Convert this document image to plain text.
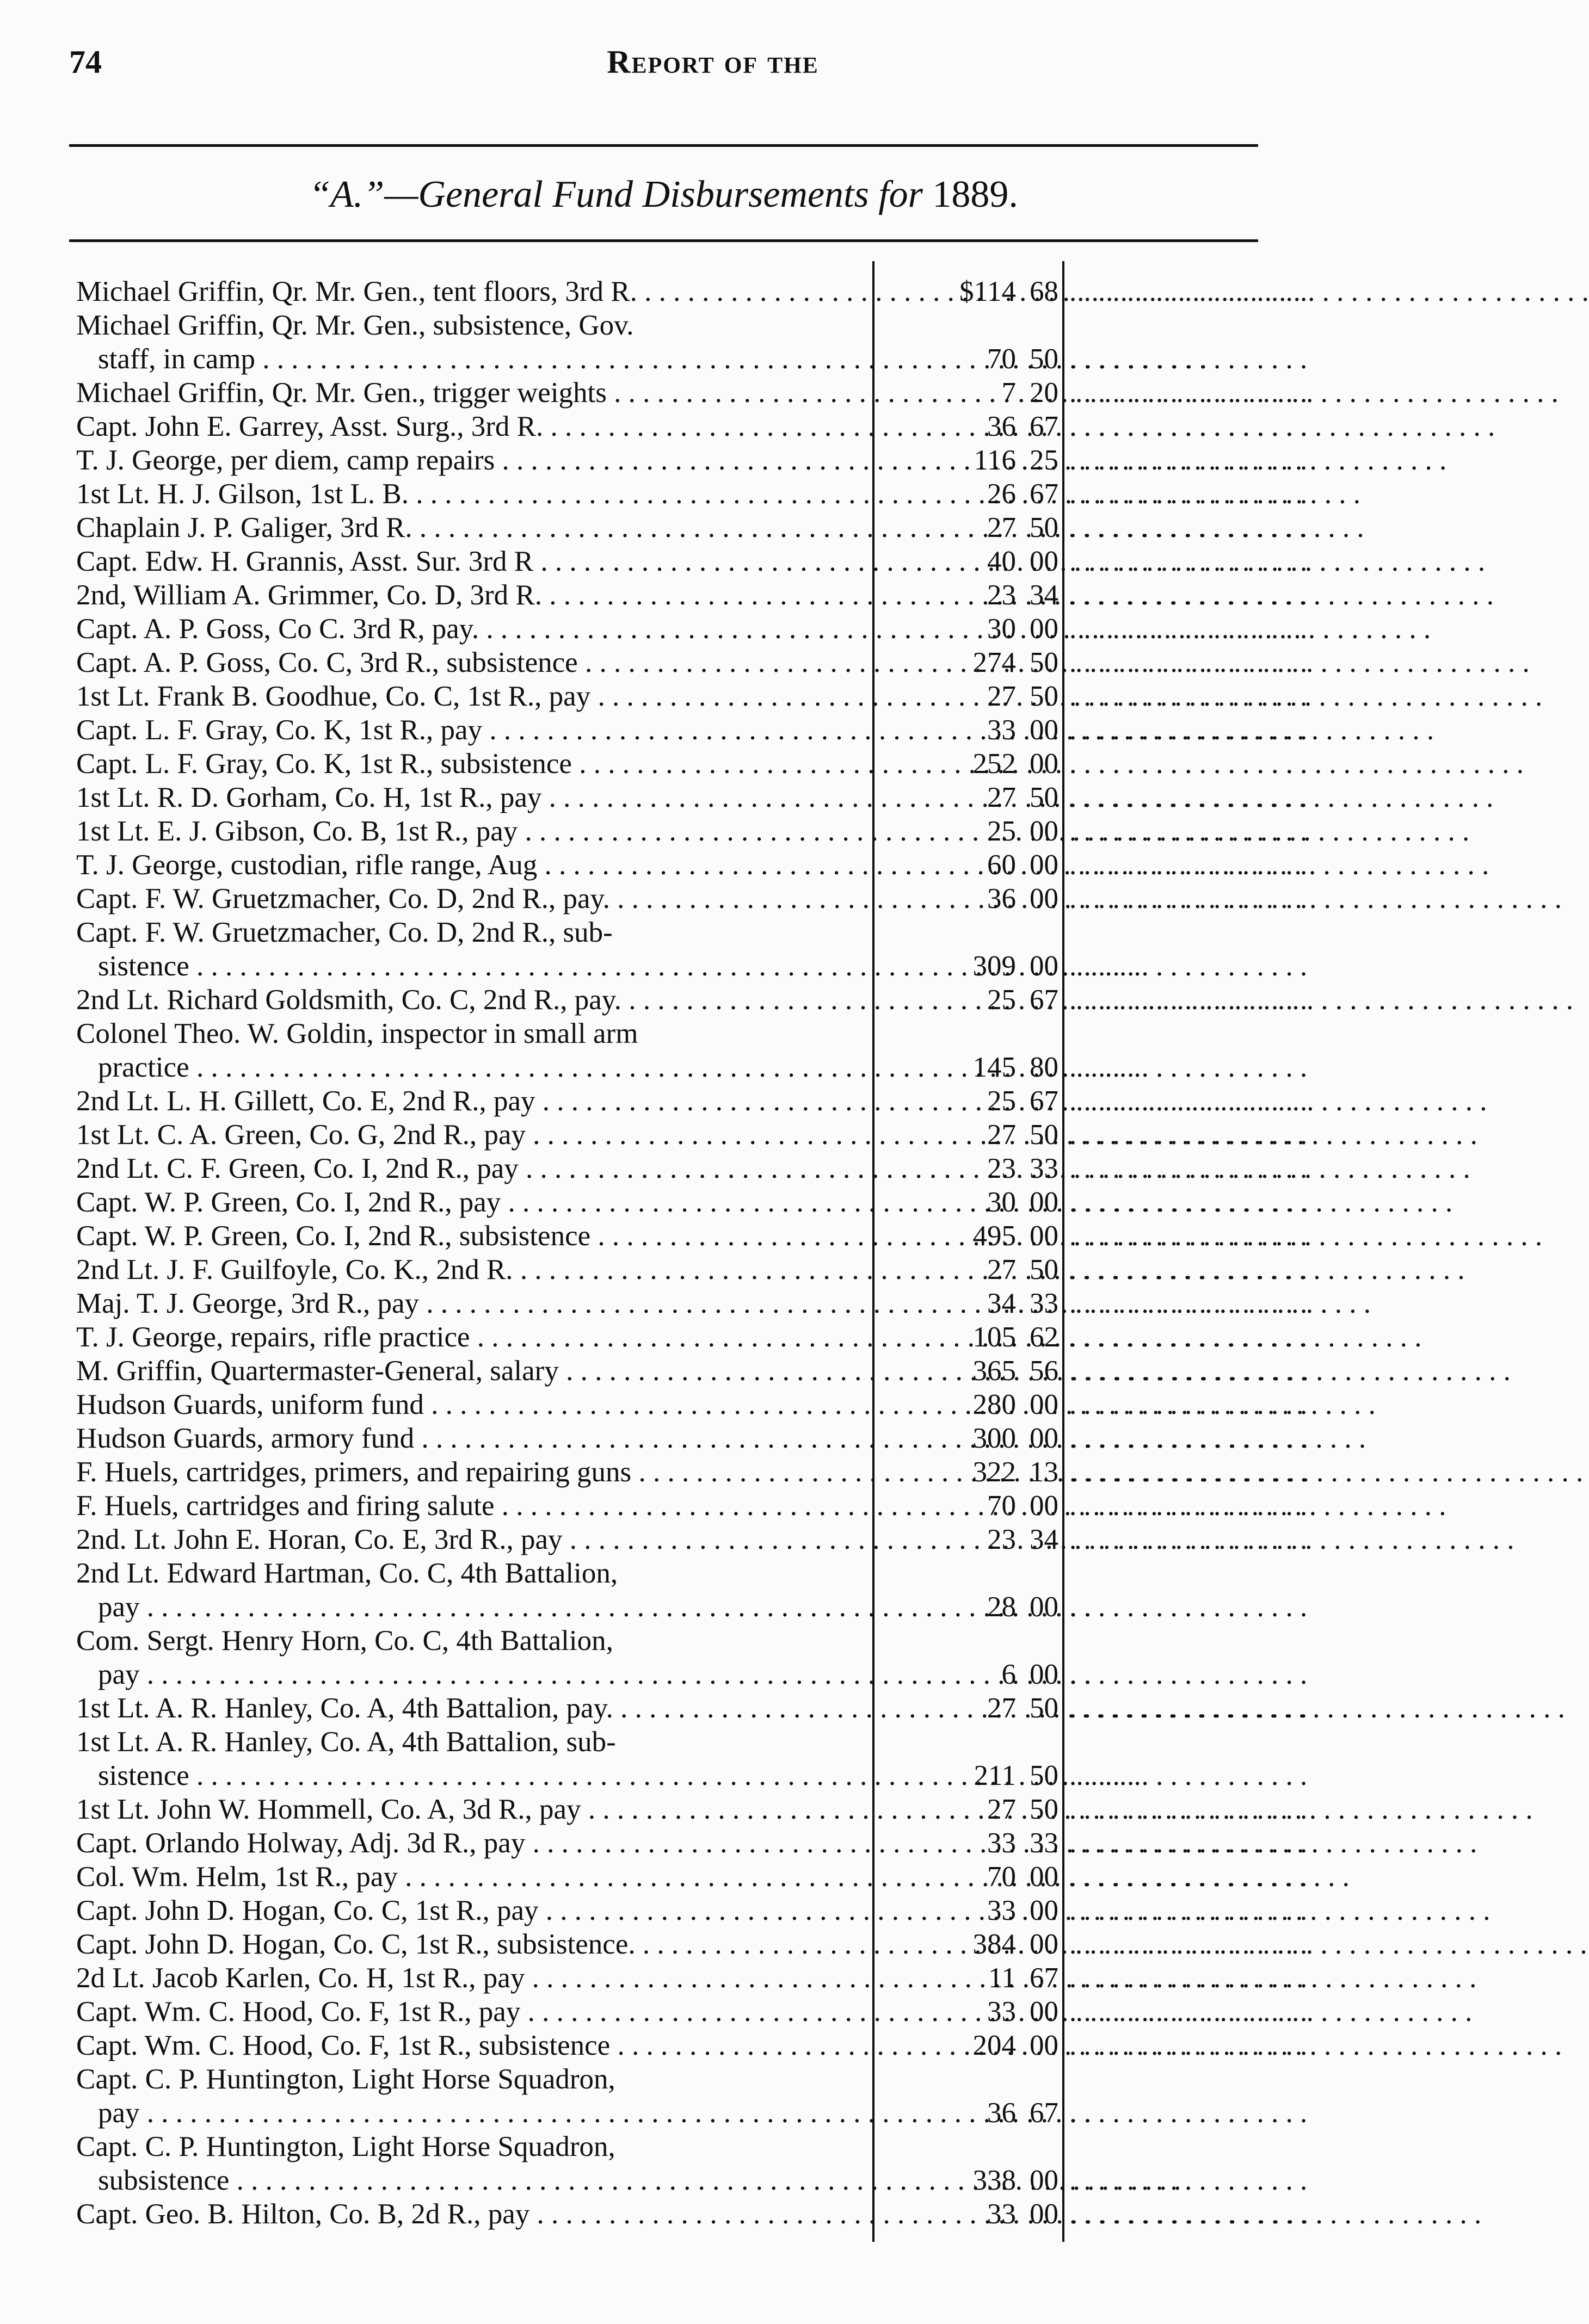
74	Report of the
“A.”—General Fund Disbursements for 1889.
Michael Griffin, Qr. Mr. Gen., tent floors, 3rd R. . . .	$114 68 . . . . . . . . . . . . . . . . .
Michael Griffin, Qr. Mr. Gen., subsistence, Gov.
staff, in camp . . .	70 50 . . . . . . . . . . . . . . . . .
Michael Griffin, Qr. Mr. Gen., trigger weights . . .	7 20 . . . . . . . . . . . . . . . . .
Capt. John E. Garrey, Asst. Surg., 3rd R. . . .	36 67 . . . . . . . . . . . . . . . . .
T. J. George, per diem, camp repairs . . .	116 25 . . . . . . . . . . . . . . . . .
1st Lt. H. J. Gilson, 1st L. B. . . .	26 67 . . . . . . . . . . . . . . . . .
Chaplain J. P. Galiger, 3rd R. . . .	27 50 . . . . . . . . . . . . . . . . .
Capt. Edw. H. Grannis, Asst. Sur. 3rd R . . .	40 00 . . . . . . . . . . . . . . . . .
2nd, William A. Grimmer, Co. D, 3rd R. . . .	23 34 . . . . . . . . . . . . . . . . .
Capt. A. P. Goss, Co C. 3rd R, pay. . . .	30 00 . . . . . . . . . . . . . . . . .
Capt. A. P. Goss, Co. C, 3rd R., subsistence . . .	274 50 . . . . . . . . . . . . . . . . .
1st Lt. Frank B. Goodhue, Co. C, 1st R., pay . . .	27 50 . . . . . . . . . . . . . . . . .
Capt. L. F. Gray, Co. K, 1st R., pay . . .	33 00 . . . . . . . . . . . . . . . . .
Capt. L. F. Gray, Co. K, 1st R., subsistence . . .	252 00 . . . . . . . . . . . . . . . . .
1st Lt. R. D. Gorham, Co. H, 1st R., pay . . .	27 50 . . . . . . . . . . . . . . . . .
1st Lt. E. J. Gibson, Co. B, 1st R., pay . . .	25 00 . . . . . . . . . . . . . . . . .
T. J. George, custodian, rifle range, Aug . . .	60 00 . . . . . . . . . . . . . . . . .
Capt. F. W. Gruetzmacher, Co. D, 2nd R., pay. . . .	36 00 . . . . . . . . . . . . . . . . .
Capt. F. W. Gruetzmacher, Co. D, 2nd R., sub-
sistence . . .	309 00 . . . . . . . . . . . . . . . . .
2nd Lt. Richard Goldsmith, Co. C, 2nd R., pay. . . .	25 67 . . . . . . . . . . . . . . . . .
Colonel Theo. W. Goldin, inspector in small arm
practice . . .	145 80 . . . . . . . . . . . . . . . . .
2nd Lt. L. H. Gillett, Co. E, 2nd R., pay . . .	25 67 . . . . . . . . . . . . . . . . .
1st Lt. C. A. Green, Co. G, 2nd R., pay . . .	27 50 . . . . . . . . . . . . . . . . .
2nd Lt. C. F. Green, Co. I, 2nd R., pay . . .	23 33 . . . . . . . . . . . . . . . . .
Capt. W. P. Green, Co. I, 2nd R., pay . . .	30 00 . . . . . . . . . . . . . . . . .
Capt. W. P. Green, Co. I, 2nd R., subsistence . . .	495 00 . . . . . . . . . . . . . . . . .
2nd Lt. J. F. Guilfoyle, Co. K., 2nd R. . . .	27 50 . . . . . . . . . . . . . . . . .
Maj. T. J. George, 3rd R., pay . . .	34 33 . . . . . . . . . . . . . . . . .
T. J. George, repairs, rifle practice . . .	105 62 . . . . . . . . . . . . . . . . .
M. Griffin, Quartermaster-General, salary . . .	365 56 . . . . . . . . . . . . . . . . .
Hudson Guards, uniform fund . . .	280 00 . . . . . . . . . . . . . . . . .
Hudson Guards, armory fund . . .	300 00 . . . . . . . . . . . . . . . . .
F. Huels, cartridges, primers, and repairing guns . . .	322 13 . . . . . . . . . . . . . . . . .
F. Huels, cartridges and firing salute . . .	70 00 . . . . . . . . . . . . . . . . .
2nd. Lt. John E. Horan, Co. E, 3rd R., pay . . .	23 34 . . . . . . . . . . . . . . . . .
2nd Lt. Edward Hartman, Co. C, 4th Battalion,
pay . . .	28 00 . . . . . . . . . . . . . . . . .
Com. Sergt. Henry Horn, Co. C, 4th Battalion,
pay . . .	6 00 . . . . . . . . . . . . . . . . .
1st Lt. A. R. Hanley, Co. A, 4th Battalion, pay. . . .	27 50 . . . . . . . . . . . . . . . . .
1st Lt. A. R. Hanley, Co. A, 4th Battalion, sub-
sistence . . .	211 50 . . . . . . . . . . . . . . . . .
1st Lt. John W. Hommell, Co. A, 3d R., pay . . .	27 50 . . . . . . . . . . . . . . . . .
Capt. Orlando Holway, Adj. 3d R., pay . . .	33 33 . . . . . . . . . . . . . . . . .
Col. Wm. Helm, 1st R., pay . . .	70 00 . . . . . . . . . . . . . . . . .
Capt. John D. Hogan, Co. C, 1st R., pay . . .	33 00 . . . . . . . . . . . . . . . . .
Capt. John D. Hogan, Co. C, 1st R., subsistence. . . .	384 00 . . . . . . . . . . . . . . . . .
2d Lt. Jacob Karlen, Co. H, 1st R., pay . . .	11 67 . . . . . . . . . . . . . . . . .
Capt. Wm. C. Hood, Co. F, 1st R., pay . . .	33 00 . . . . . . . . . . . . . . . . .
Capt. Wm. C. Hood, Co. F, 1st R., subsistence . . .	204 00 . . . . . . . . . . . . . . . . .
Capt. C. P. Huntington, Light Horse Squadron,
pay . . .	36 67 . . . . . . . . . . . . . . . . .
Capt. C. P. Huntington, Light Horse Squadron,
subsistence . . .	338 00 . . . . . . . . . . . . . . . . .
Capt. Geo. B. Hilton, Co. B, 2d R., pay . . .	33 00 . . . . . . . . . . . . . . . . .
